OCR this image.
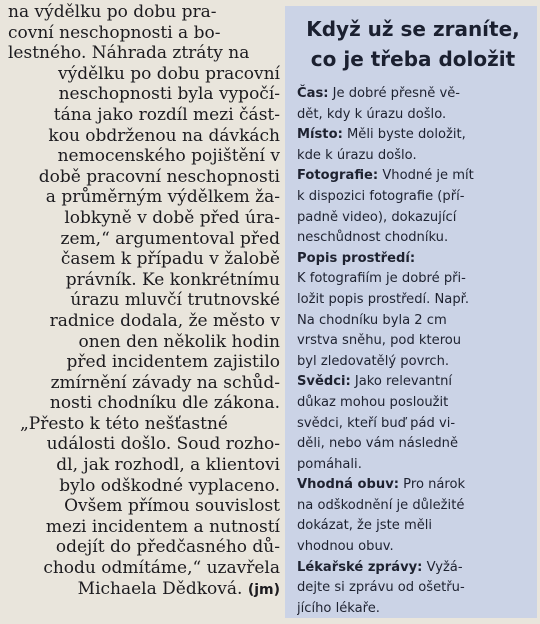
na výdělku po dobu pra-
covní neschopnosti a bo-
lestného. Náhrada ztráty na
výdělku po dobu pracovní
neschopnosti byla vypočí-
tána jako rozdíl mezi část-
kou obdrženou na dávkách
nemocenského pojištění v
době pracovní neschopnosti
a průměrným výdělkem ža-
lobkyně v době před úra-
zem,“ argumentoval před
časem k případu v žalobě
právník. Ke konkrétnímu
úrazu mluvčí trutnovské
radnice dodala, že město v
onen den několik hodin
před incidentem zajistilo
zmírnění závady na schůd-
nosti chodníku dle zákona.

„Přesto k této nešťastné
události došlo. Soud rozho-
dl, jak rozhodl, a klientovi
bylo odškodné vyplaceno.
Ovšem přímou souvislost
mezi incidentem a nutností
odejít do předčasného dů-
chodu odmítáme,“ uzavřela
Michaela Dědková. (jm)

Když už se zraníte,
co je třeba doložit
Čas: Je dobré přesně vě-
dět, kdy k úrazu došlo.
Místo: Měli byste doložit,
kde k úrazu došlo.
Fotografie: Vhodné je mít
k dispozici fotografie (pří-
padně video), dokazující
neschůdnost chodníku.
Popis prostředí:
K fotografiím je dobré při-
ložit popis prostředí. Např.
Na chodníku byla 2 cm
vrstva sněhu, pod kterou
byl zledovatělý povrch.
Svědci: Jako relevantní
důkaz mohou posloužit
svědci, kteří buď pád vi-
děli, nebo vám následně
pomáhali.
Vhodná obuv: Pro nárok
na odškodnění je důležité
dokázat, že jste měli
vhodnou obuv.
Lékařské zprávy: Vyžá-
dejte si zprávu od ošetřu-
jícího lékaře.
